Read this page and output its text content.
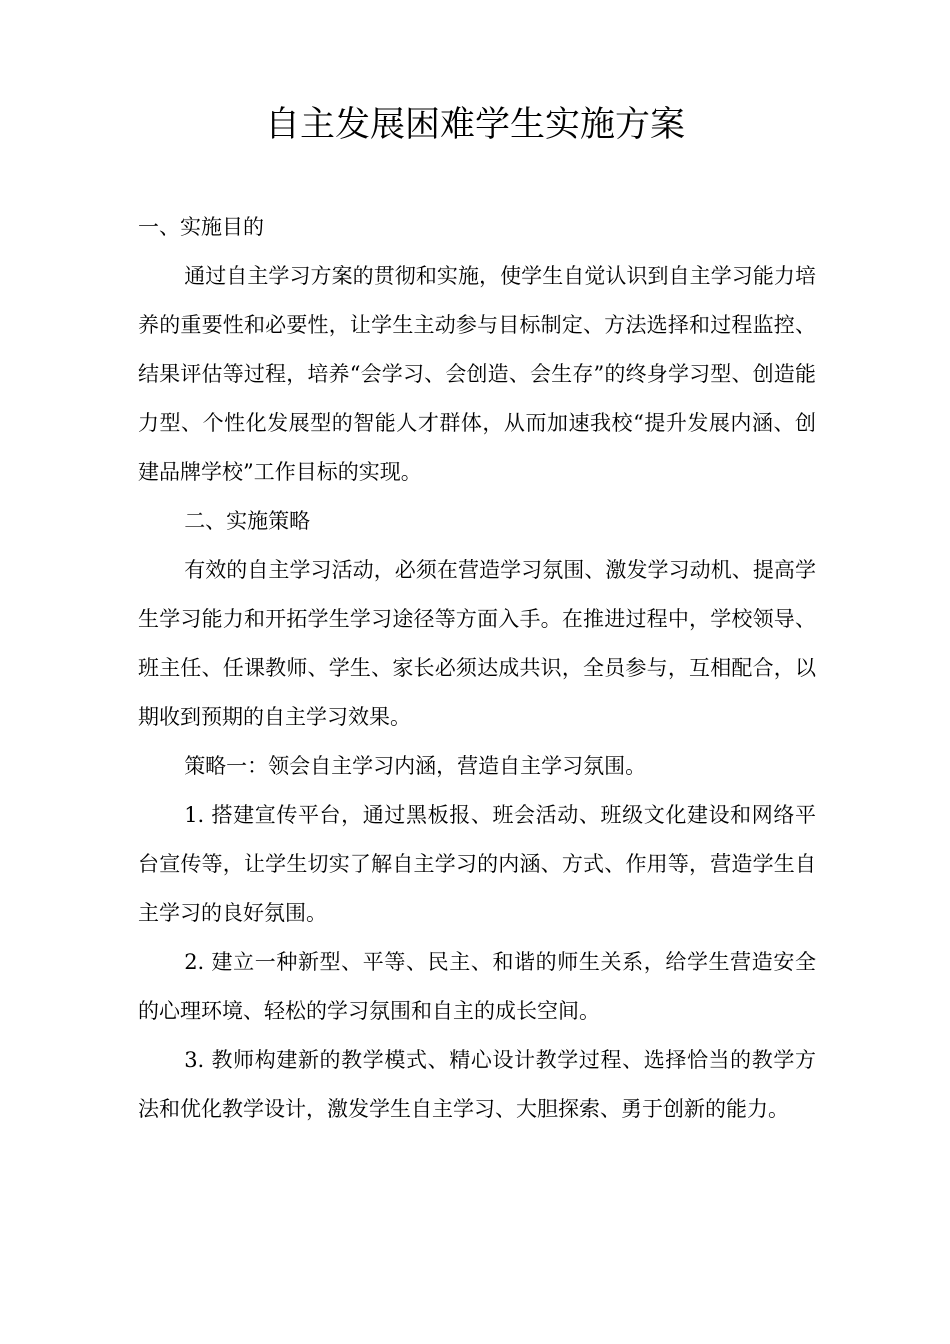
自主发展困难学生实施方案

一、实施目的

通过自主学习方案的贯彻和实施，使学生自觉认识到自主学习能力培养的重要性和必要性，让学生主动参与目标制定、方法选择和过程监控、结果评估等过程，培养“会学习、会创造、会生存”的终身学习型、创造能力型、个性化发展型的智能人才群体，从而加速我校“提升发展内涵、创建品牌学校”工作目标的实现。

二、实施策略

有效的自主学习活动，必须在营造学习氛围、激发学习动机、提高学生学习能力和开拓学生学习途径等方面入手。在推进过程中，学校领导、班主任、任课教师、学生、家长必须达成共识，全员参与，互相配合，以期收到预期的自主学习效果。

策略一：领会自主学习内涵，营造自主学习氛围。

1. 搭建宣传平台，通过黑板报、班会活动、班级文化建设和网络平台宣传等，让学生切实了解自主学习的内涵、方式、作用等，营造学生自主学习的良好氛围。

2. 建立一种新型、平等、民主、和谐的师生关系，给学生营造安全的心理环境、轻松的学习氛围和自主的成长空间。

3. 教师构建新的教学模式、精心设计教学过程、选择恰当的教学方法和优化教学设计，激发学生自主学习、大胆探索、勇于创新的能力。
